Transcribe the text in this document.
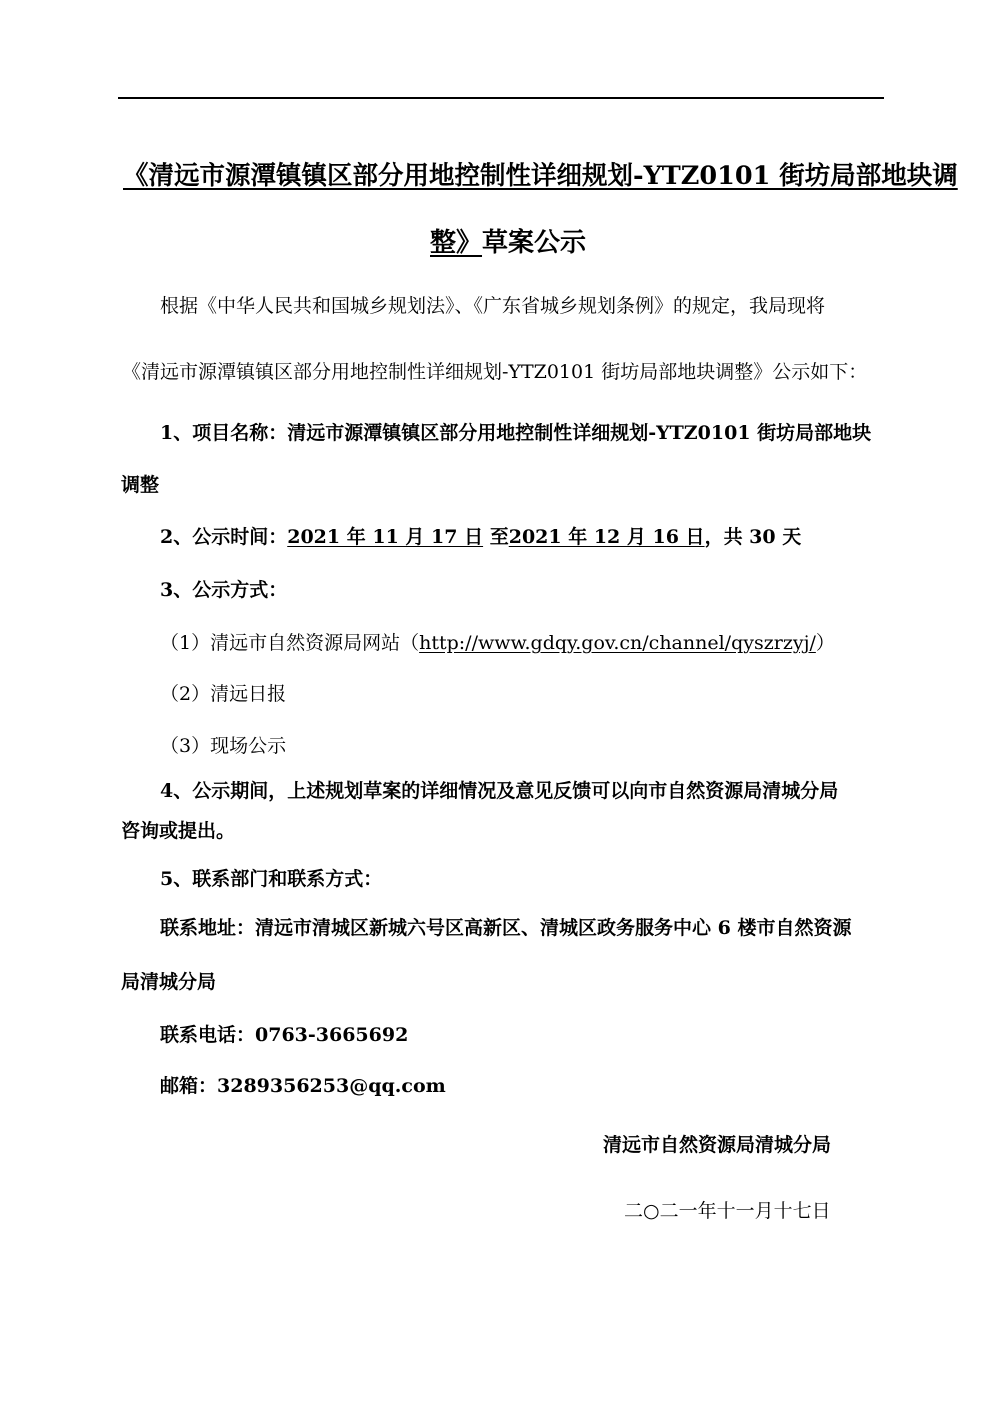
《清远市源潭镇镇区部分用地控制性详细规划-YTZ0101 街坊局部地块调
整》草案公示
根据《中华人民共和国城乡规划法》、《广东省城乡规划条例》的规定，我局现将
《清远市源潭镇镇区部分用地控制性详细规划-YTZ0101 街坊局部地块调整》公示如下：
1、项目名称：清远市源潭镇镇区部分用地控制性详细规划-YTZ0101 街坊局部地块
调整
2、公示时间：2021 年 11 月 17 日 至2021 年 12 月 16 日，共 30 天
3、公示方式：
（1）清远市自然资源局网站（http://www.gdqy.gov.cn/channel/qyszrzyj/）
（2）清远日报
（3）现场公示
4、公示期间，上述规划草案的详细情况及意见反馈可以向市自然资源局清城分局
咨询或提出。
5、联系部门和联系方式：
联系地址：清远市清城区新城六号区高新区、清城区政务服务中心 6 楼市自然资源
局清城分局
联系电话：0763-3665692
邮箱：3289356253@qq.com
清远市自然资源局清城分局
二○二一年十一月十七日
